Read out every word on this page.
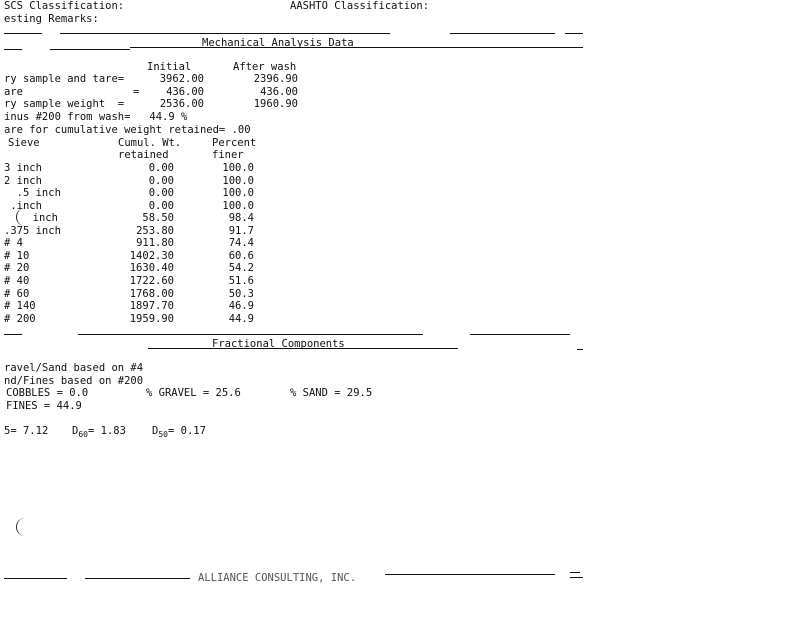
SCS Classification:	AASHTO Classification:
esting Remarks:
Mechanical Analysis Data
Initial	After wash
ry sample and tare=	3962.00	2396.90
are	=	436.00	436.00
ry sample weight  =	2536.00	1960.90
inus #200 from wash=   44.9 %
are for cumulative weight retained= .00
Sieve	Cumul. Wt.
retained
Percent
finer
3 inch	0.00	100.0
2 inch	0.00	100.0
.5 inch	0.00	100.0
.inch	0.00	100.0
inch	58.50	98.4
.375 inch	253.80	91.7
# 4	911.80	74.4
# 10	1402.30	60.6
# 20	1630.40	54.2
# 40	1722.60	51.6
# 60	1768.00	50.3
# 140	1897.70	46.9
# 200	1959.90	44.9
Fractional Components
ravel/Sand based on #4
nd/Fines based on #200
COBBLES = 0.0	% GRAVEL = 25.6	% SAND = 29.5
FINES = 44.9
5= 7.12 $D_{60}= 1.83$ $D_{50}= 0.17$
ALLIANCE CONSULTING, INC.
